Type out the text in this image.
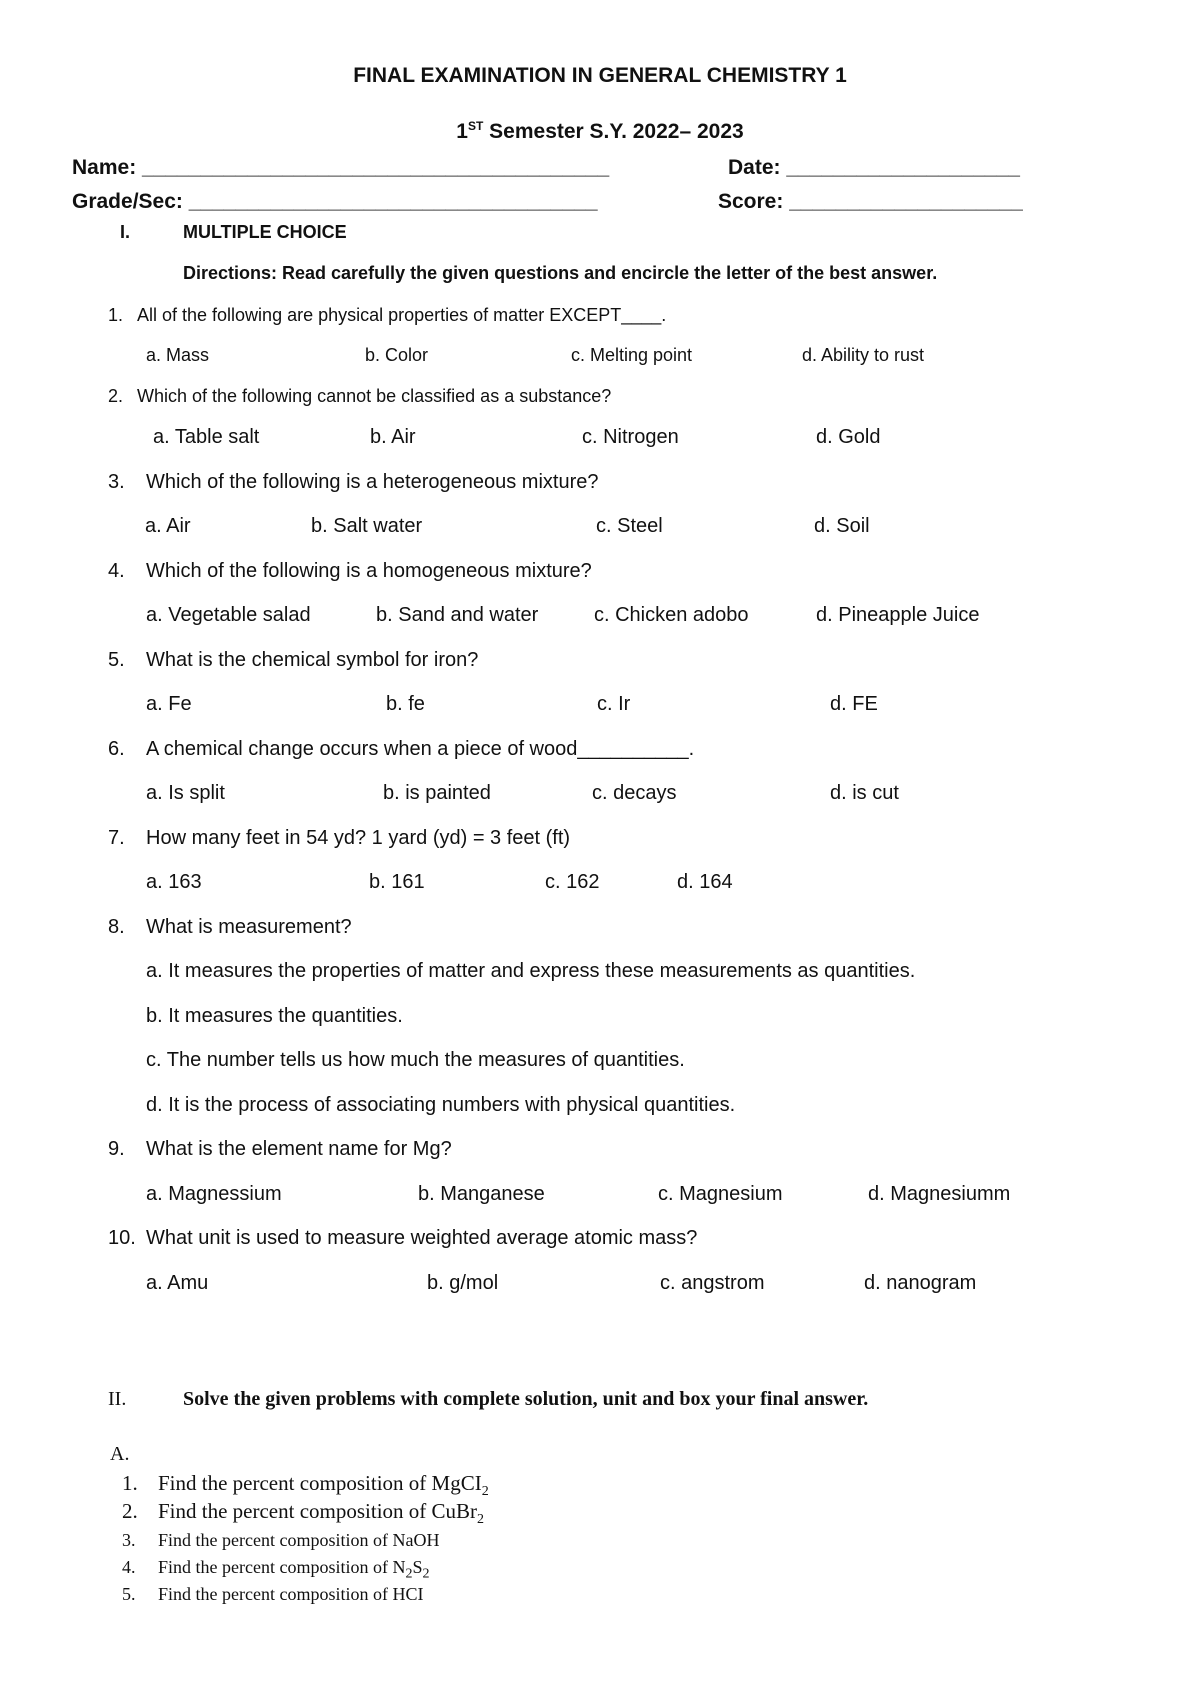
FINAL EXAMINATION IN GENERAL CHEMISTRY 1
1ST Semester S.Y. 2022– 2023
Name: ________________________________________	Date: ____________________
Grade/Sec: ___________________________________	Score: ____________________
I.	MULTIPLE CHOICE
Directions: Read carefully the given questions and encircle the letter of the best answer.
1. All of the following are physical properties of matter EXCEPT____.
a. Mass	b. Color	c. Melting point	d. Ability to rust
2. Which of the following cannot be classified as a substance?
a. Table salt	b. Air	c. Nitrogen	d. Gold
3. Which of the following is a heterogeneous mixture?
a. Air	b. Salt water	c. Steel	d. Soil
4. Which of the following is a homogeneous mixture?
a. Vegetable salad	b. Sand and water	c. Chicken adobo	d. Pineapple Juice
5. What is the chemical symbol for iron?
a. Fe	b. fe	c. Ir	d. FE
6. A chemical change occurs when a piece of wood__________.
a. Is split	b. is painted	c. decays	d. is cut
7. How many feet in 54 yd? 1 yard (yd) = 3 feet (ft)
a. 163	b. 161	c. 162	d. 164
8. What is measurement?
a. It measures the properties of matter and express these measurements as quantities.
b. It measures the quantities.
c. The number tells us how much the measures of quantities.
d. It is the process of associating numbers with physical quantities.
9. What is the element name for Mg?
a. Magnessium	b. Manganese	c. Magnesium	d. Magnesiumm
10. What unit is used to measure weighted average atomic mass?
a. Amu	b. g/mol	c. angstrom	d. nanogram
II.	Solve the given problems with complete solution, unit and box your final answer.
A.
1. Find the percent composition of MgCI$_2$
2. Find the percent composition of CuBr$_2$
3. Find the percent composition of NaOH
4. Find the percent composition of $N_2S_2$
5. Find the percent composition of HCI
